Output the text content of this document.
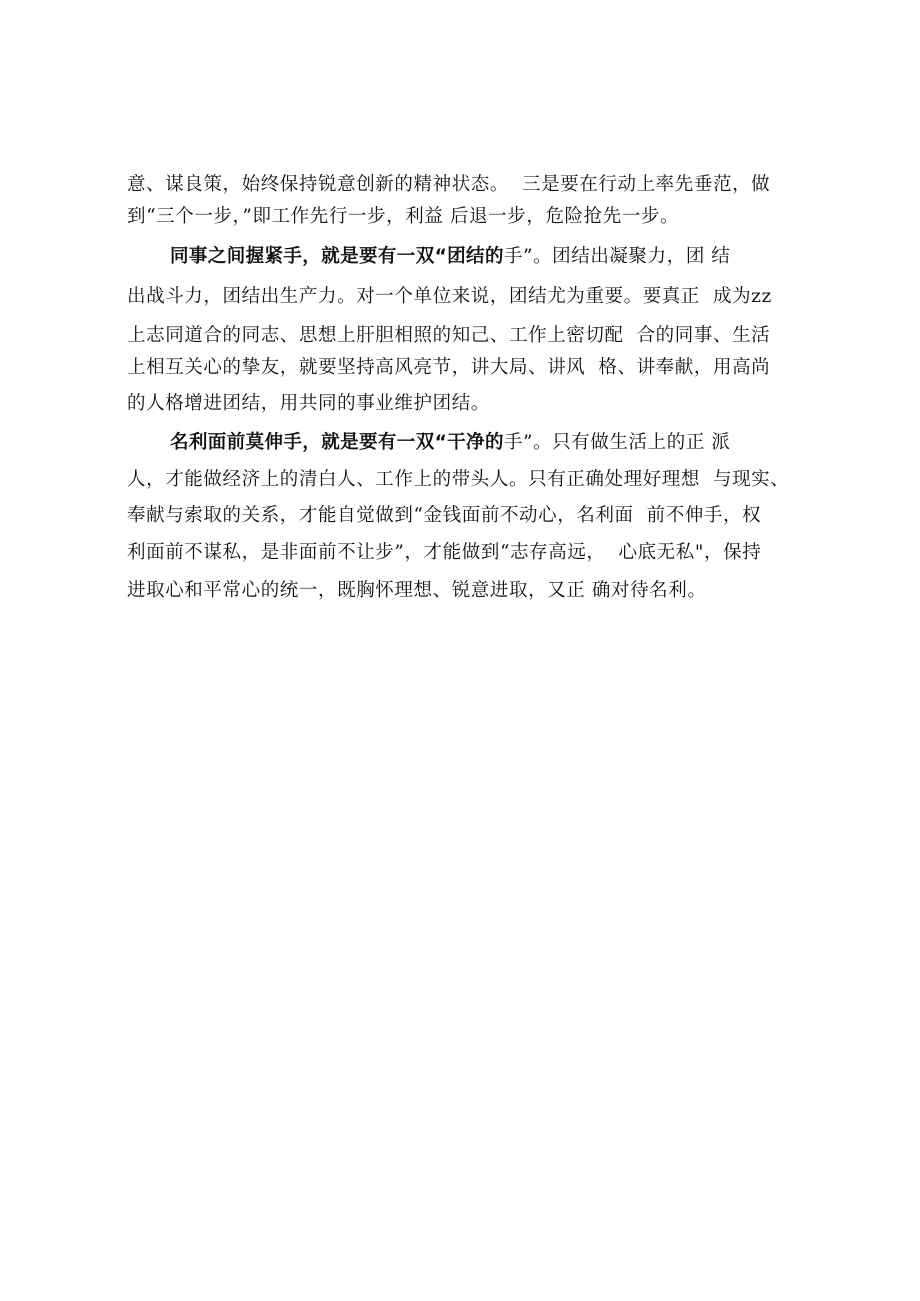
意、谋良策，始终保持锐意创新的精神状态。  三是要在行动上率先垂范，做
到“三个一步，”即工作先行一步，利益 后退一步，危险抢先一步。
同事之间握紧手，就是要有一双“团结的手”。团结出凝聚力，团 结
出战斗力，团结出生产力。对一个单位来说，团结尤为重要。要真正  成为zz
上志同道合的同志、思想上肝胆相照的知己、工作上密切配  合的同事、生活
上相互关心的挚友，就要坚持高风亮节，讲大局、讲风  格、讲奉献，用高尚
的人格增进团结，用共同的事业维护团结。
名利面前莫伸手，就是要有一双“干净的手”。只有做生活上的正 派
人，才能做经济上的清白人、工作上的带头人。只有正确处理好理想  与现实、
奉献与索取的关系，才能自觉做到“金钱面前不动心，名利面  前不伸手，权
利面前不谋私，是非面前不让步”，才能做到“志存高远，  心底无私"，保持
进取心和平常心的统一，既胸怀理想、锐意进取，又正 确对待名利。
